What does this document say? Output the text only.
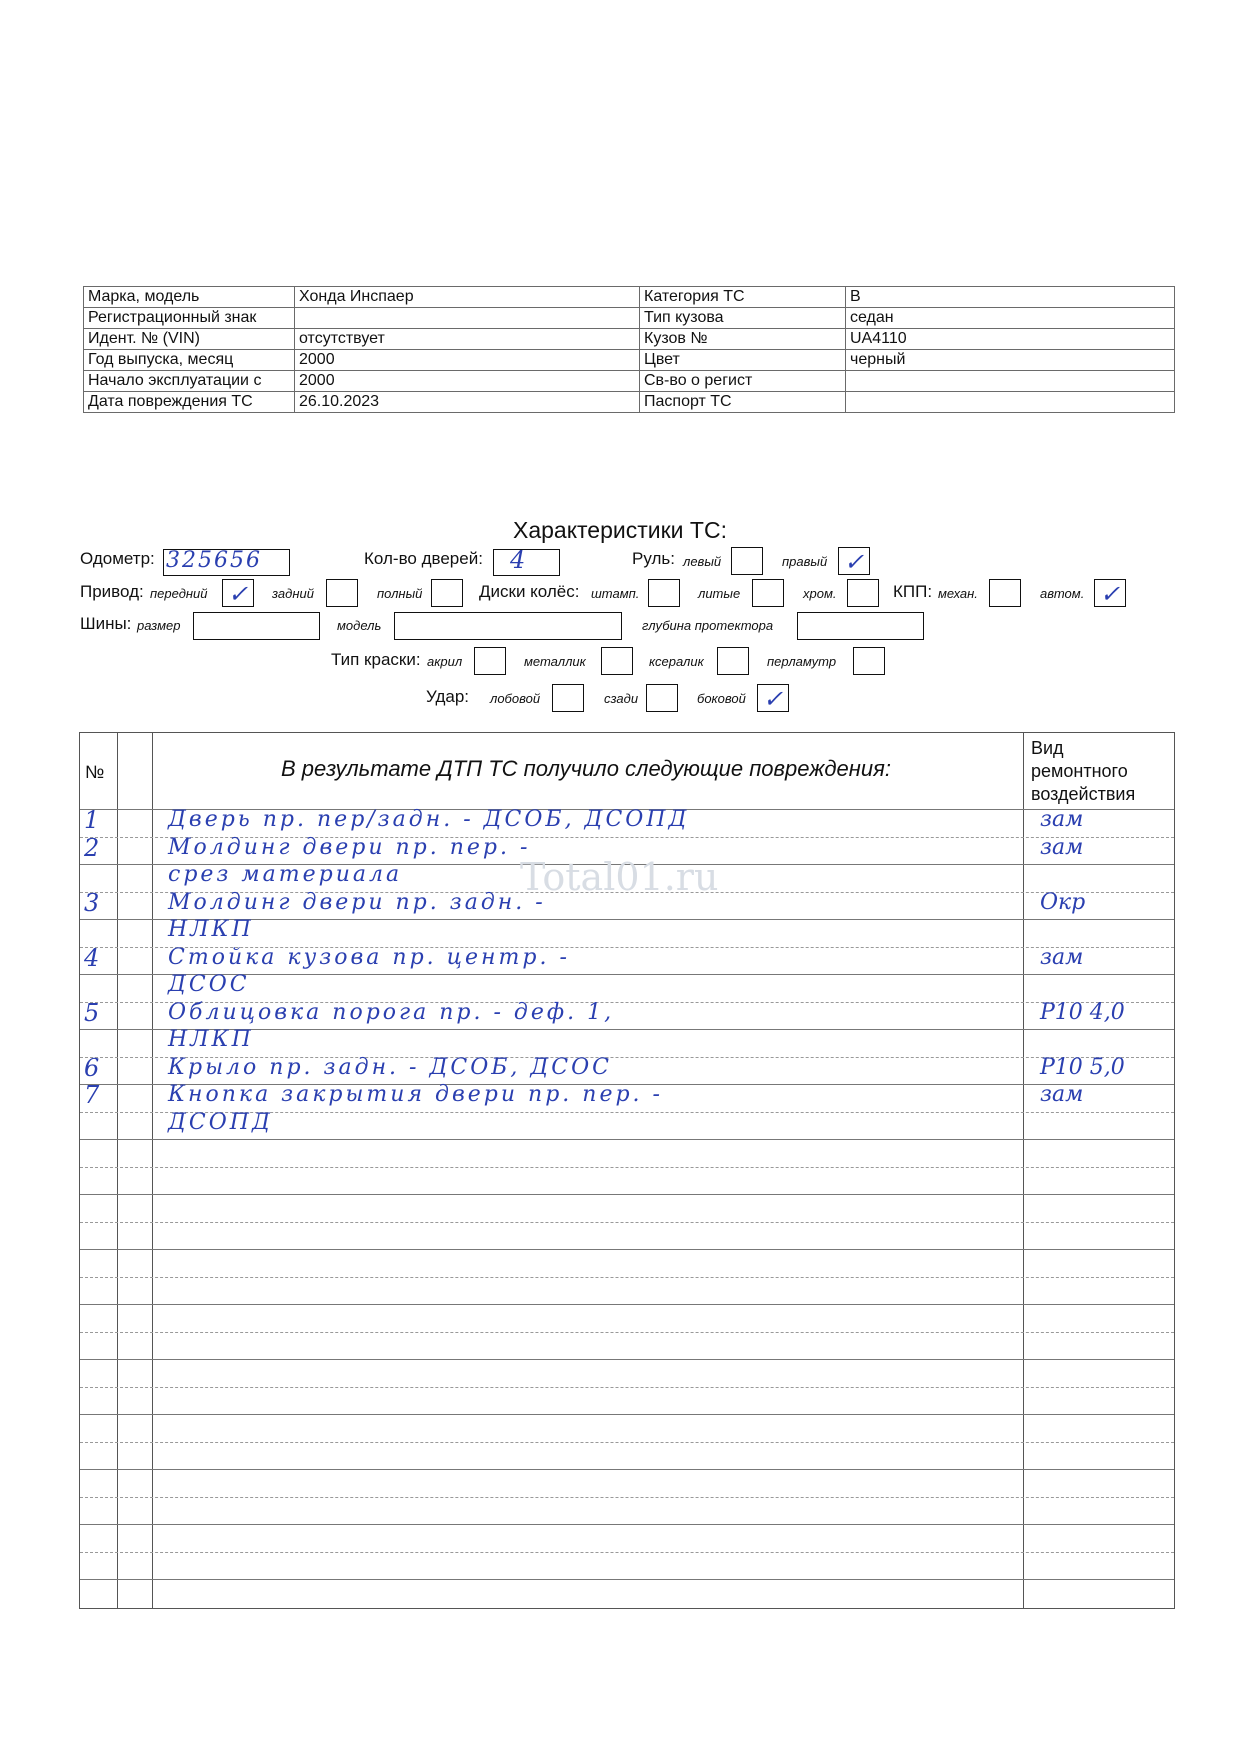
Марка, модель	Хонда Инспаер	Категория ТС	B
Регистрационный знак		Тип кузова	седан
Идент. № (VIN)	отсутствует	Кузов №	UA4110
Год выпуска, месяц	2000	Цвет	черный
Начало эксплуатации с	2000	Св-во о регист	
Дата повреждения ТС	26.10.2023	Паспорт ТС	
Характеристики ТС:
Одометр: 325656	Кол-во дверей: 4	Руль: левый	правый ✓
Привод: передний ✓	задний	полный	Диски колёс: штамп.	литые	хром.	КПП: механ.	автом. ✓
Шины: размер	модель	глубина протектора
Тип краски: акрил	металлик	ксералик	перламутр
Удар: лобовой	сзади	боковой ✓
№	В результате ДТП ТС получило следующие повреждения:
Вид
ремонтного
воздействия
Total01.ru
1	Дверь пр. пер/задн. - ДСОБ, ДСОПД	зам
2	Молдинг двери пр. пер. -	зам
срез материала
3	Молдинг двери пр. задн. -	Окр
НЛКП
4	Стойка кузова пр. центр. -	зам
ДСОС
5	Облицовка порога пр. - деф. 1,	Р10 4,0
НЛКП
6	Крыло пр. задн. - ДСОБ, ДСОС	Р10 5,0
7	Кнопка закрытия двери пр. пер. -	зам
ДСОПД
